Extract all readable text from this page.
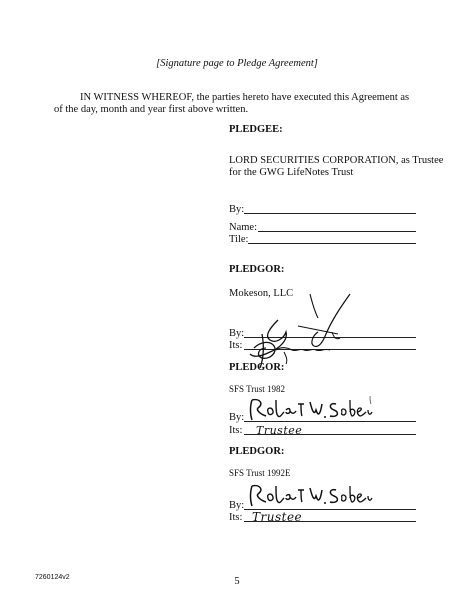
[Signature page to Pledge Agreement]
IN WITNESS WHEREOF, the parties hereto have executed this Agreement as of the day, month and year first above written.
PLEDGEE:
LORD SECURITIES CORPORATION, as Trustee
for the GWG LifeNotes Trust
By:
Name:
Tile:
PLEDGOR:
Mokeson, LLC
By:
Its:
PLEDGOR:
SFS Trust 1982
By:
Its: Trustee
PLEDGOR:
SFS Trust 1992E
By:
Its: Trustee
7260124v2	5
